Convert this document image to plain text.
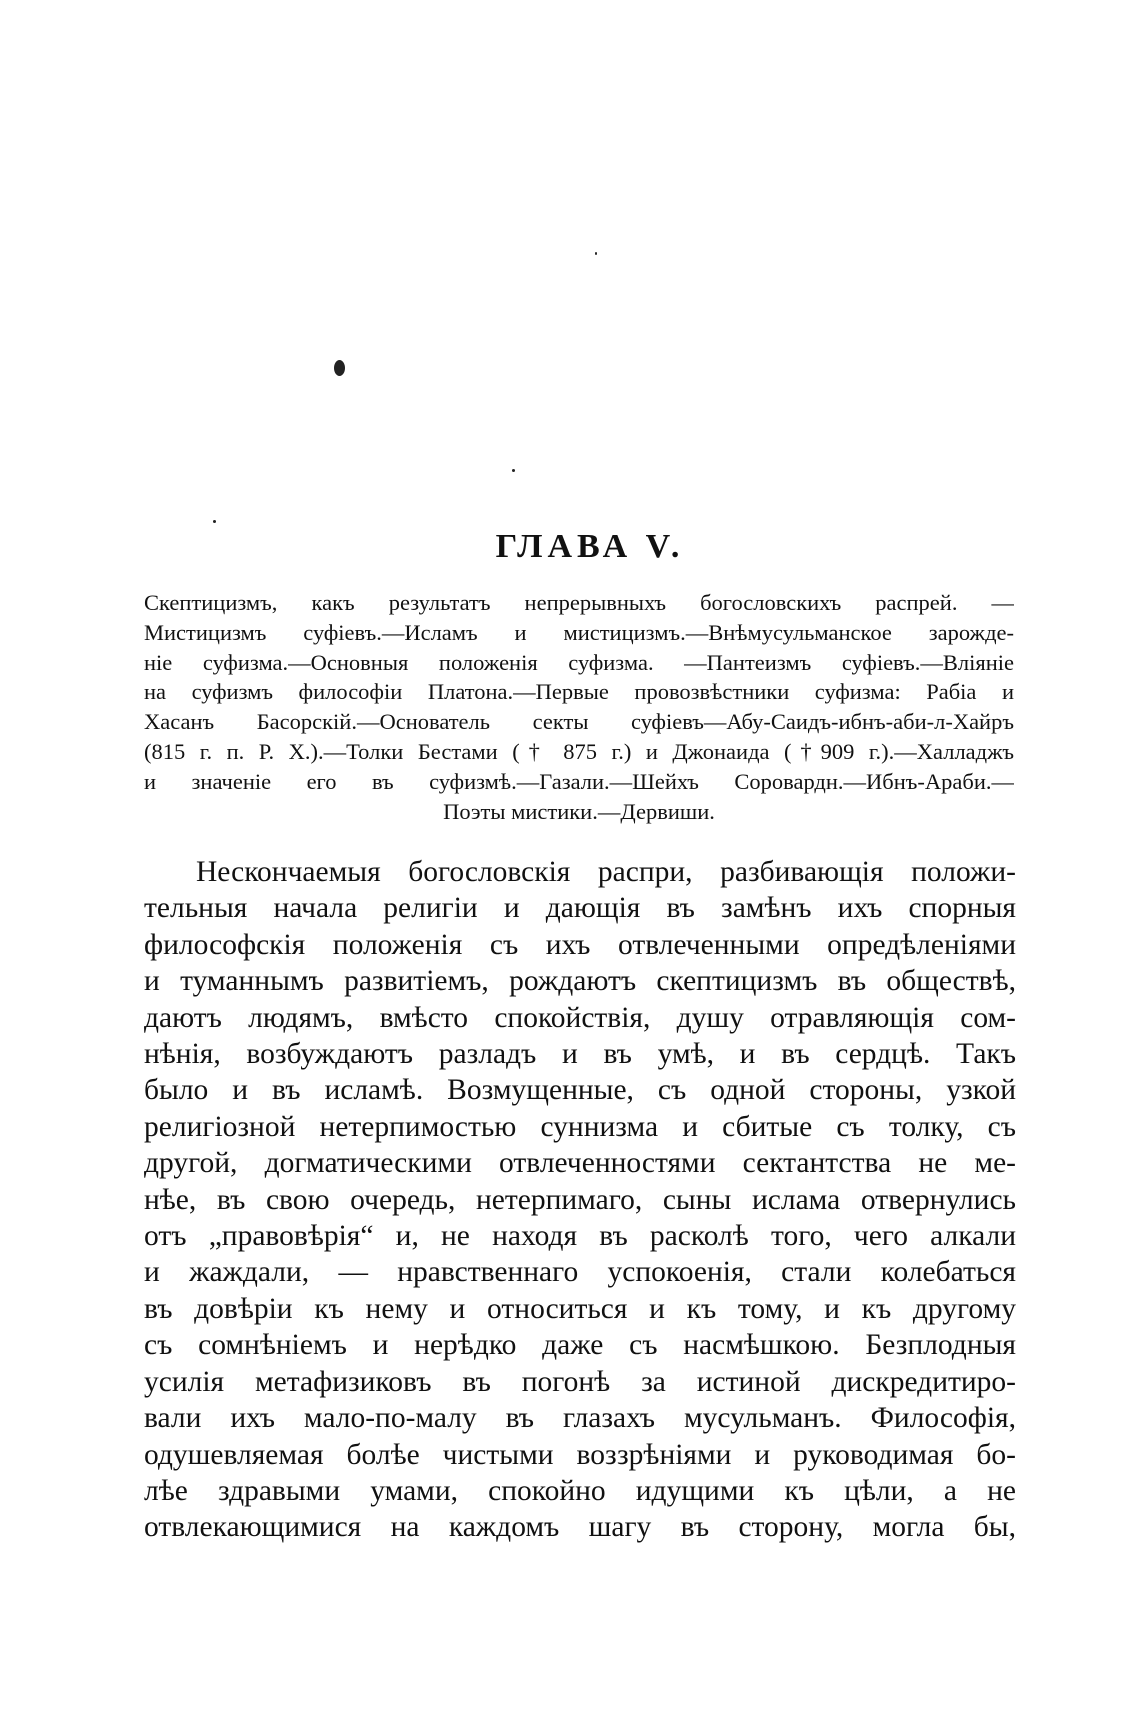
ГЛАВА V.
Скептицизмъ, какъ результатъ непрерывныхъ богословскихъ распрей. —
Мистицизмъ суфіевъ.—Исламъ и мистицизмъ.—Внѣмусульманское зарожде-
ніе суфизма.—Основныя положенія суфизма. —Пантеизмъ суфіевъ.—Вліяніе
на суфизмъ философіи Платона.—Первые провозвѣстники суфизма: Рабіа и
Хасанъ Басорскій.—Основатель секты суфіевъ—Абу-Саидъ-ибнъ-аби-л-Хайръ
(815 г. п. Р. Х.).—Толки Бестами († 875 г.) и Джонаида (†909 г.).—Халладжъ
и значеніе его въ суфизмѣ.—Газали.—Шейхъ Сорoвардн.—Ибнъ-Араби.—
Поэты мистики.—Дервиши.
Нескончаемыя богословскія распри, разбивающія положи-
тельныя начала религіи и дающія въ замѣнъ ихъ спорныя
философскія положенія съ ихъ отвлеченными опредѣленіями
и туманнымъ развитіемъ, рождаютъ скептицизмъ въ обществѣ,
даютъ людямъ, вмѣсто спокойствія, душу отравляющія сом-
нѣнія, возбуждаютъ разладъ и въ умѣ, и въ сердцѣ. Такъ
было и въ исламѣ. Возмущенные, съ одной стороны, узкой
религіозной нетерпимостью суннизма и сбитые съ толку, съ
другой, догматическими отвлеченностями сектантства не ме-
нѣе, въ свою очередь, нетерпимаго, сыны ислама отвернулись
отъ „правовѣрія“ и, не находя въ расколѣ того, чего алкали
и жаждали, — нравственнаго успокоенія, стали колебаться
въ довѣріи къ нему и относиться и къ тому, и къ другому
съ сомнѣніемъ и нерѣдко даже съ насмѣшкою. Безплодныя
усилія метафизиковъ въ погонѣ за истиной дискредитиро-
вали ихъ мало-по-малу въ глазахъ мусульманъ. Философія,
одушевляемая болѣе чистыми воззрѣніями и руководимая бо-
лѣе здравыми умами, спокойно идущими къ цѣли, а не
отвлекающимися на каждомъ шагу въ сторону, могла бы,
